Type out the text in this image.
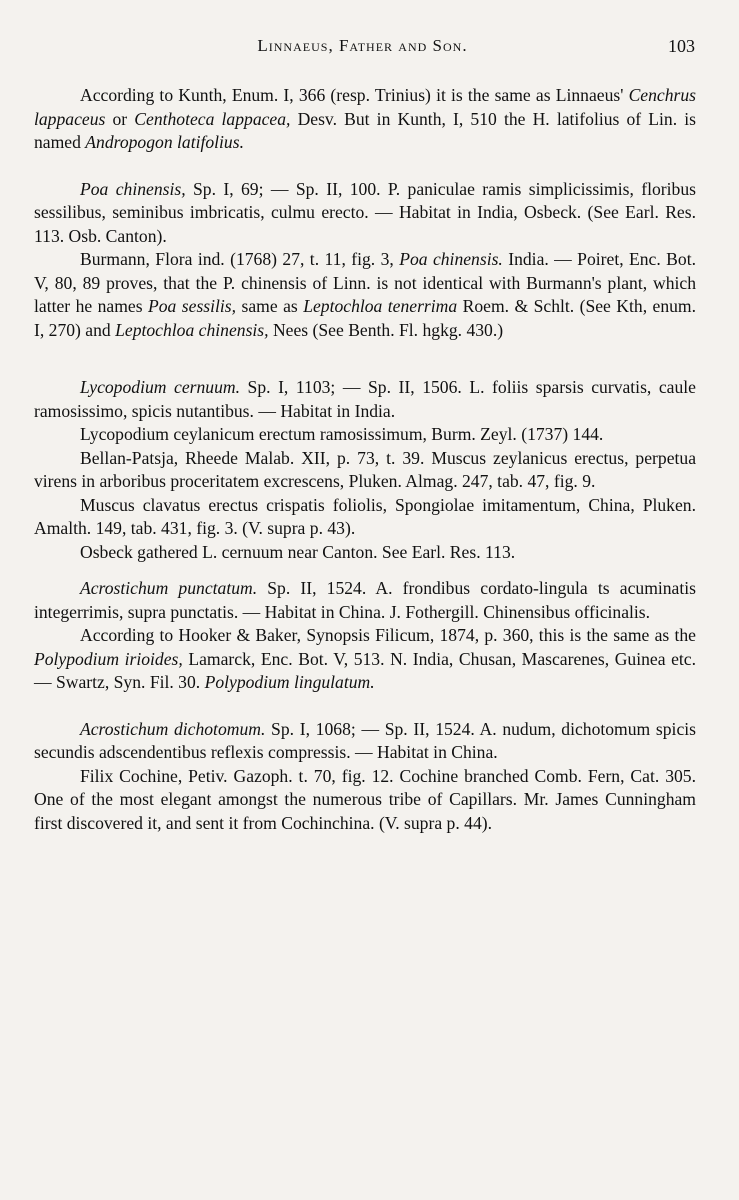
Linnaeus, Father and Son.	103

According to Kunth, Enum. I, 366 (resp. Trinius) it is the same as Linnaeus' Cenchrus lappaceus or Centhoteca lappacea, Desv. But in Kunth, I, 510 the H. latifolius of Lin. is named Andropogon latifolius.

Poa chinensis, Sp. I, 69; — Sp. II, 100. P. paniculae ramis simplicissimis, floribus sessilibus, seminibus imbricatis, culmu erecto. — Habitat in India, Osbeck. (See Earl. Res. 113. Osb. Canton).

Burmann, Flora ind. (1768) 27, t. 11, fig. 3, Poa chinensis. India. — Poiret, Enc. Bot. V, 80, 89 proves, that the P. chinensis of Linn. is not identical with Burmann's plant, which latter he names Poa sessilis, same as Leptochloa tenerrima Roem. & Schlt. (See Kth, enum. I, 270) and Leptochloa chinensis, Nees (See Benth. Fl. hgkg. 430.)

Lycopodium cernuum. Sp. I, 1103; — Sp. II, 1506. L. foliis sparsis curvatis, caule ramosissimo, spicis nutantibus. — Habitat in India.

Lycopodium ceylanicum erectum ramosissimum, Burm. Zeyl. (1737) 144.

Bellan-Patsja, Rheede Malab. XII, p. 73, t. 39. Muscus zeylanicus erectus, perpetua virens in arboribus proceritatem excrescens, Pluken. Almag. 247, tab. 47, fig. 9.

Muscus clavatus erectus crispatis foliolis, Spongiolae imitamentum, China, Pluken. Amalth. 149, tab. 431, fig. 3. (V. supra p. 43).

Osbeck gathered L. cernuum near Canton. See Earl. Res. 113.

Acrostichum punctatum. Sp. II, 1524. A. frondibus cordato-lingula ts acuminatis integerrimis, supra punctatis. — Habitat in China. J. Fothergill. Chinensibus officinalis.

According to Hooker & Baker, Synopsis Filicum, 1874, p. 360, this is the same as the Polypodium irioides, Lamarck, Enc. Bot. V, 513. N. India, Chusan, Mascarenes, Guinea etc. — Swartz, Syn. Fil. 30. Polypodium lingulatum.

Acrostichum dichotomum. Sp. I, 1068; — Sp. II, 1524. A. nudum, dichotomum spicis secundis adscendentibus reflexis compressis. — Habitat in China.

Filix Cochine, Petiv. Gazoph. t. 70, fig. 12. Cochine branched Comb. Fern, Cat. 305. One of the most elegant amongst the numerous tribe of Capillars. Mr. James Cunningham first discovered it, and sent it from Cochinchina. (V. supra p. 44).
